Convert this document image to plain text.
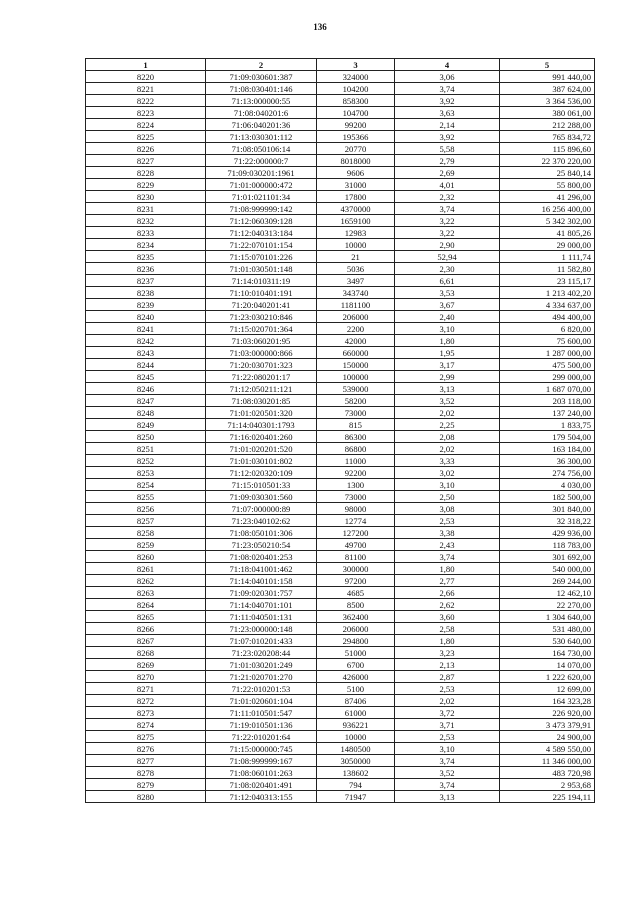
136
1	2	3	4	5
8220	71:09:030601:387	324000	3,06	991 440,00
8221	71:08:030401:146	104200	3,74	387 624,00
8222	71:13:000000:55	858300	3,92	3 364 536,00
8223	71:08:040201:6	104700	3,63	380 061,00
8224	71:06:040201:36	99200	2,14	212 288,00
8225	71:13:030301:112	195366	3,92	765 834,72
8226	71:08:050106:14	20770	5,58	115 896,60
8227	71:22:000000:7	8018000	2,79	22 370 220,00
8228	71:09:030201:1961	9606	2,69	25 840,14
8229	71:01:000000:472	31000	4,01	55 800,00
8230	71:01:021101:34	17800	2,32	41 296,00
8231	71:08:999999:142	4370000	3,74	16 256 400,00
8232	71:12:060309:128	1659100	3,22	5 342 302,00
8233	71:12:040313:184	12983	3,22	41 805,26
8234	71:22:070101:154	10000	2,90	29 000,00
8235	71:15:070101:226	21	52,94	1 111,74
8236	71:01:030501:148	5036	2,30	11 582,80
8237	71:14:010311:19	3497	6,61	23 115,17
8238	71:10:010401:191	343740	3,53	1 213 402,20
8239	71:20:040201:41	1181100	3,67	4 334 637,00
8240	71:23:030210:846	206000	2,40	494 400,00
8241	71:15:020701:364	2200	3,10	6 820,00
8242	71:03:060201:95	42000	1,80	75 600,00
8243	71:03:000000:866	660000	1,95	1 287 000,00
8244	71:20:030701:323	150000	3,17	475 500,00
8245	71:22:080201:17	100000	2,99	299 000,00
8246	71:12:050211:121	539000	3,13	1 687 070,00
8247	71:08:030201:85	58200	3,52	203 118,00
8248	71:01:020501:320	73000	2,02	137 240,00
8249	71:14:040301:1793	815	2,25	1 833,75
8250	71:16:020401:260	86300	2,08	179 504,00
8251	71:01:020201:520	86800	2,02	163 184,00
8252	71:01:030101:802	11000	3,33	36 300,00
8253	71:12:020320:109	92200	3,02	274 756,00
8254	71:15:010501:33	1300	3,10	4 030,00
8255	71:09:030301:560	73000	2,50	182 500,00
8256	71:07:000000:89	98000	3,08	301 840,00
8257	71:23:040102:62	12774	2,53	32 318,22
8258	71:08:050101:306	127200	3,38	429 936,00
8259	71:23:050210:54	49700	2,43	118 783,00
8260	71:08:020401:253	81100	3,74	301 692,00
8261	71:18:041001:462	300000	1,80	540 000,00
8262	71:14:040101:158	97200	2,77	269 244,00
8263	71:09:020301:757	4685	2,66	12 462,10
8264	71:14:040701:101	8500	2,62	22 270,00
8265	71:11:040501:131	362400	3,60	1 304 640,00
8266	71:23:000000:148	206000	2,58	531 480,00
8267	71:07:010201:433	294800	1,80	530 640,00
8268	71:23:020208:44	51000	3,23	164 730,00
8269	71:01:030201:249	6700	2,13	14 070,00
8270	71:21:020701:270	426000	2,87	1 222 620,00
8271	71:22:010201:53	5100	2,53	12 699,00
8272	71:01:020601:104	87406	2,02	164 323,28
8273	71:11:010501:547	61000	3,72	226 920,00
8274	71:19:010501:136	936221	3,71	3 473 379,91
8275	71:22:010201:64	10000	2,53	24 900,00
8276	71:15:000000:745	1480500	3,10	4 589 550,00
8277	71:08:999999:167	3050000	3,74	11 346 000,00
8278	71:08:060101:263	138602	3,52	483 720,98
8279	71:08:020401:491	794	3,74	2 953,68
8280	71:12:040313:155	71947	3,13	225 194,11
